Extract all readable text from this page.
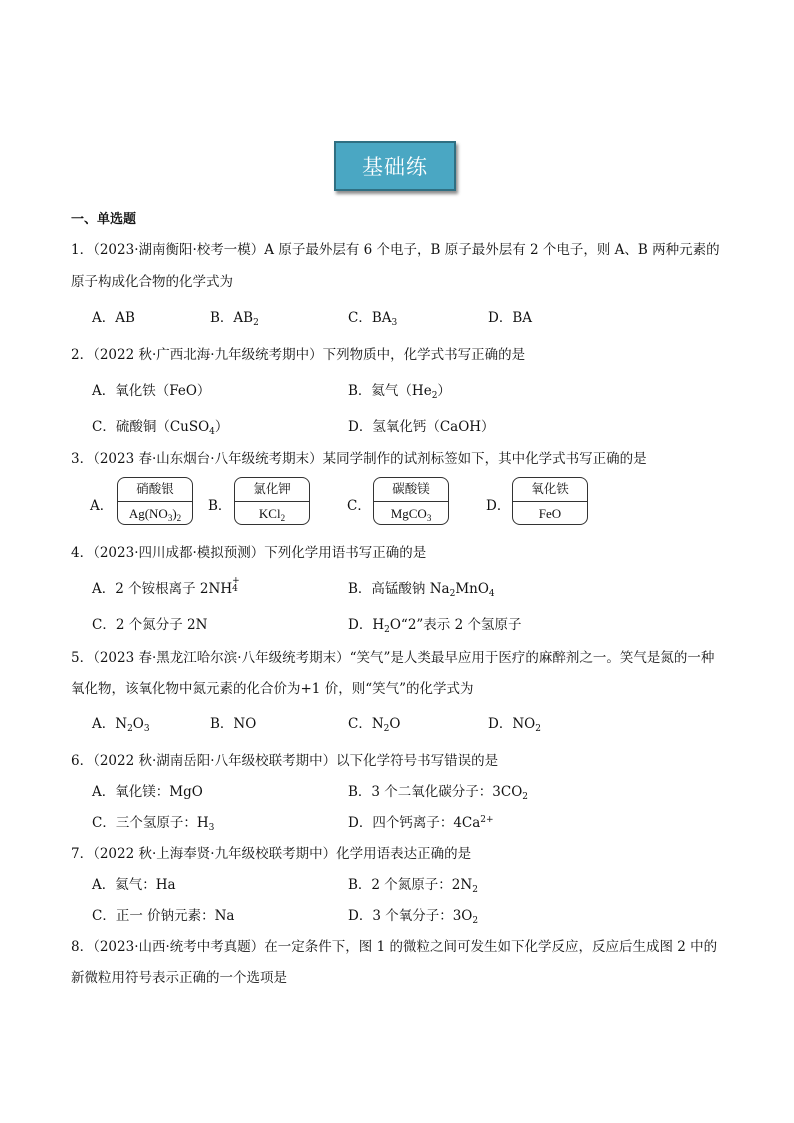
基础练
一、单选题
1．（2023·湖南衡阳·校考一模）A 原子最外层有 6 个电子，B 原子最外层有 2 个电子，则 A、B 两种元素的
原子构成化合物的化学式为
A．AB	B．$AB_2$	C．$BA_3$	D．BA
2．（2022 秋·广西北海·九年级统考期中）下列物质中，化学式书写正确的是
A．氧化铁（FeO）	B．氦气$(He_2)$
C．硫酸铜（CuSO$_4$）	D．氢氧化钙（CaOH）
3．（2023 春·山东烟台·八年级统考期末）某同学制作的试剂标签如下，其中化学式书写正确的是
A．
硝酸银
$Ag(NO_3)_2$
B．
氯化钾
KCl$_2$
C．
碳酸镁
MgCO$_3$
D．
氧化铁
FeO
4．（2023·四川成都·模拟预测）下列化学用语书写正确的是
A．2 个铵根离子 2NH +
4	B．高锰酸钠 $Na_2MnO_4$
C．2 个氮分子 2N	D．$H_2O“2$”表示 2 个氢原子
5．（2023 春·黑龙江哈尔滨·八年级统考期末）“笑气”是人类最早应用于医疗的麻醉剂之一。笑气是氮的一种
氧化物，该氧化物中氮元素的化合价为+1 价，则“笑气”的化学式为
A．$N_2O_3$	B．NO	C．$N_2O$	D．$NO_2$
6．（2022 秋·湖南岳阳·八年级校联考期中）以下化学符号书写错误的是
A．氧化镁：MgO	B．3 个二氧化碳分子：$3CO_2$
C．三个氢原子：$H_3$	D．四个钙离子：$4Ca^{2+}$
7．（2022 秋·上海奉贤·九年级校联考期中）化学用语表达正确的是
A．氦气：Ha	B．2 个氮原子：$2N_2$
C．正一 价钠元素：Na	D．3 个氧分子：$3O_2$
8．（2023·山西·统考中考真题）在一定条件下，图 1 的微粒之间可发生如下化学反应，反应后生成图 2 中的
新微粒用符号表示正确的一个选项是
